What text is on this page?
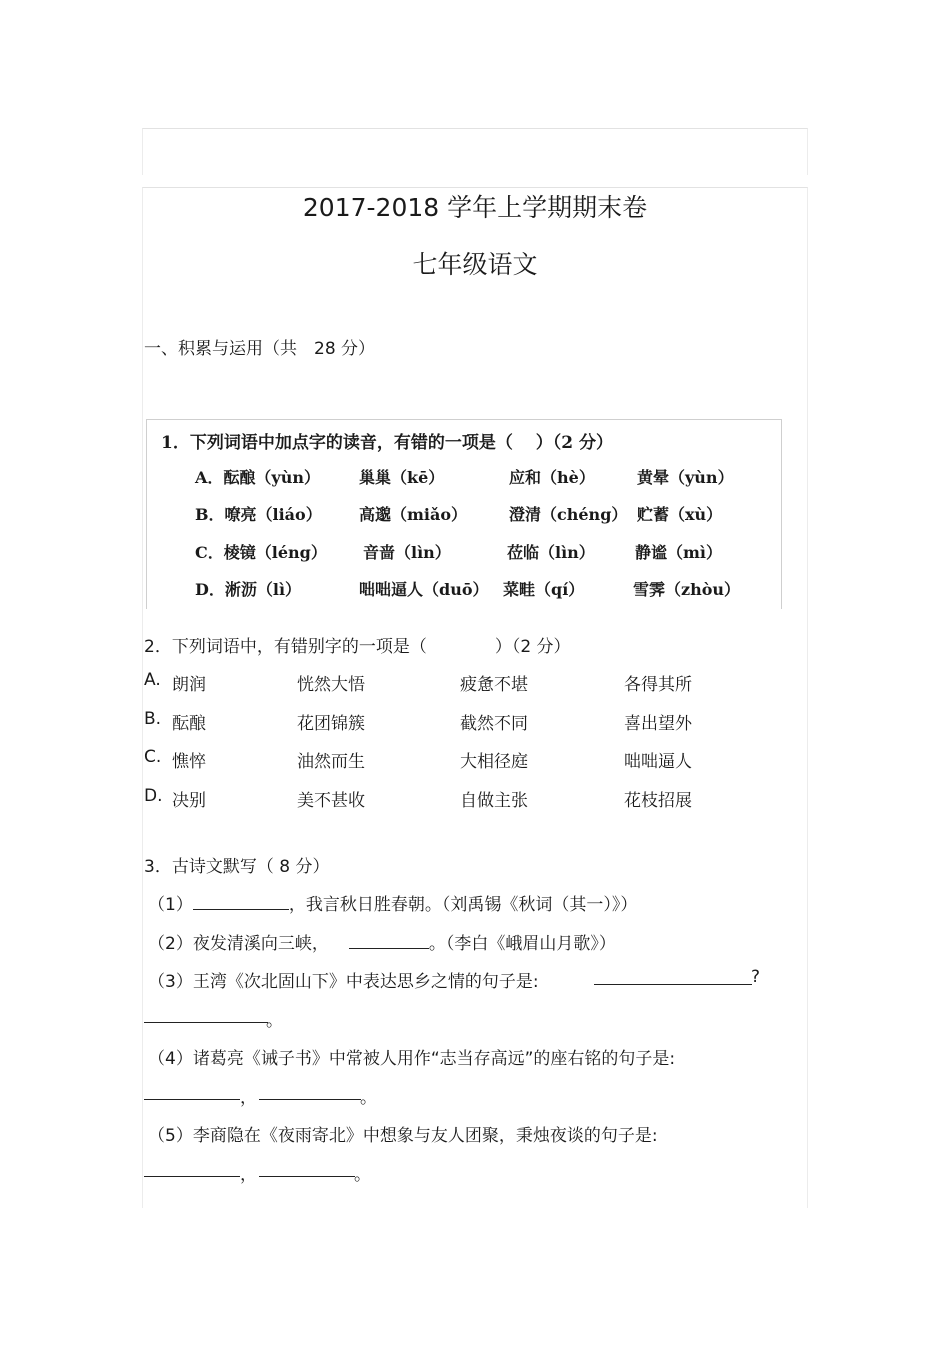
2017-2018 学年上学期期末卷
七年级语文
一、积累与运用（共　28 分）
1．下列词语中加点字的读音，有错的一项是（　 ）（2 分）
A．酝酿（yùn） 巢巢（kē）	应和（hè）	黄晕（yùn）
B．嘹亮（liáo） 高邈（miǎo）	澄清（chéng） 贮蓄（xù）
C．棱镜（léng） 音啬（lìn）	莅临（lìn）	静谧（mì）
D．淅沥（lì）	咄咄逼人（duō） 菜畦（qí）	雪霁（zhòu）
2．下列词语中，有错别字的一项是（　　　　）（2 分）
A. 朗润	恍然大悟	疲惫不堪	各得其所
B. 酝酿	花团锦簇	截然不同	喜出望外
C. 憔悴	油然而生	大相径庭	咄咄逼人
D. 决别	美不甚收	自做主张	花枝招展
3．古诗文默写（ 8 分）
（1）	，我言秋日胜春朝。（刘禹锡《秋词（其一）》）
（2）夜发清溪向三峡，	。（李白《峨眉山月歌》）
（3）王湾《次北固山下》中表达思乡之情的句子是:	?
。
（4）诸葛亮《诫子书》中常被人用作“志当存高远”的座右铭的句子是:
，	。
（5）李商隐在《夜雨寄北》中想象与友人团聚，秉烛夜谈的句子是:
，	。
